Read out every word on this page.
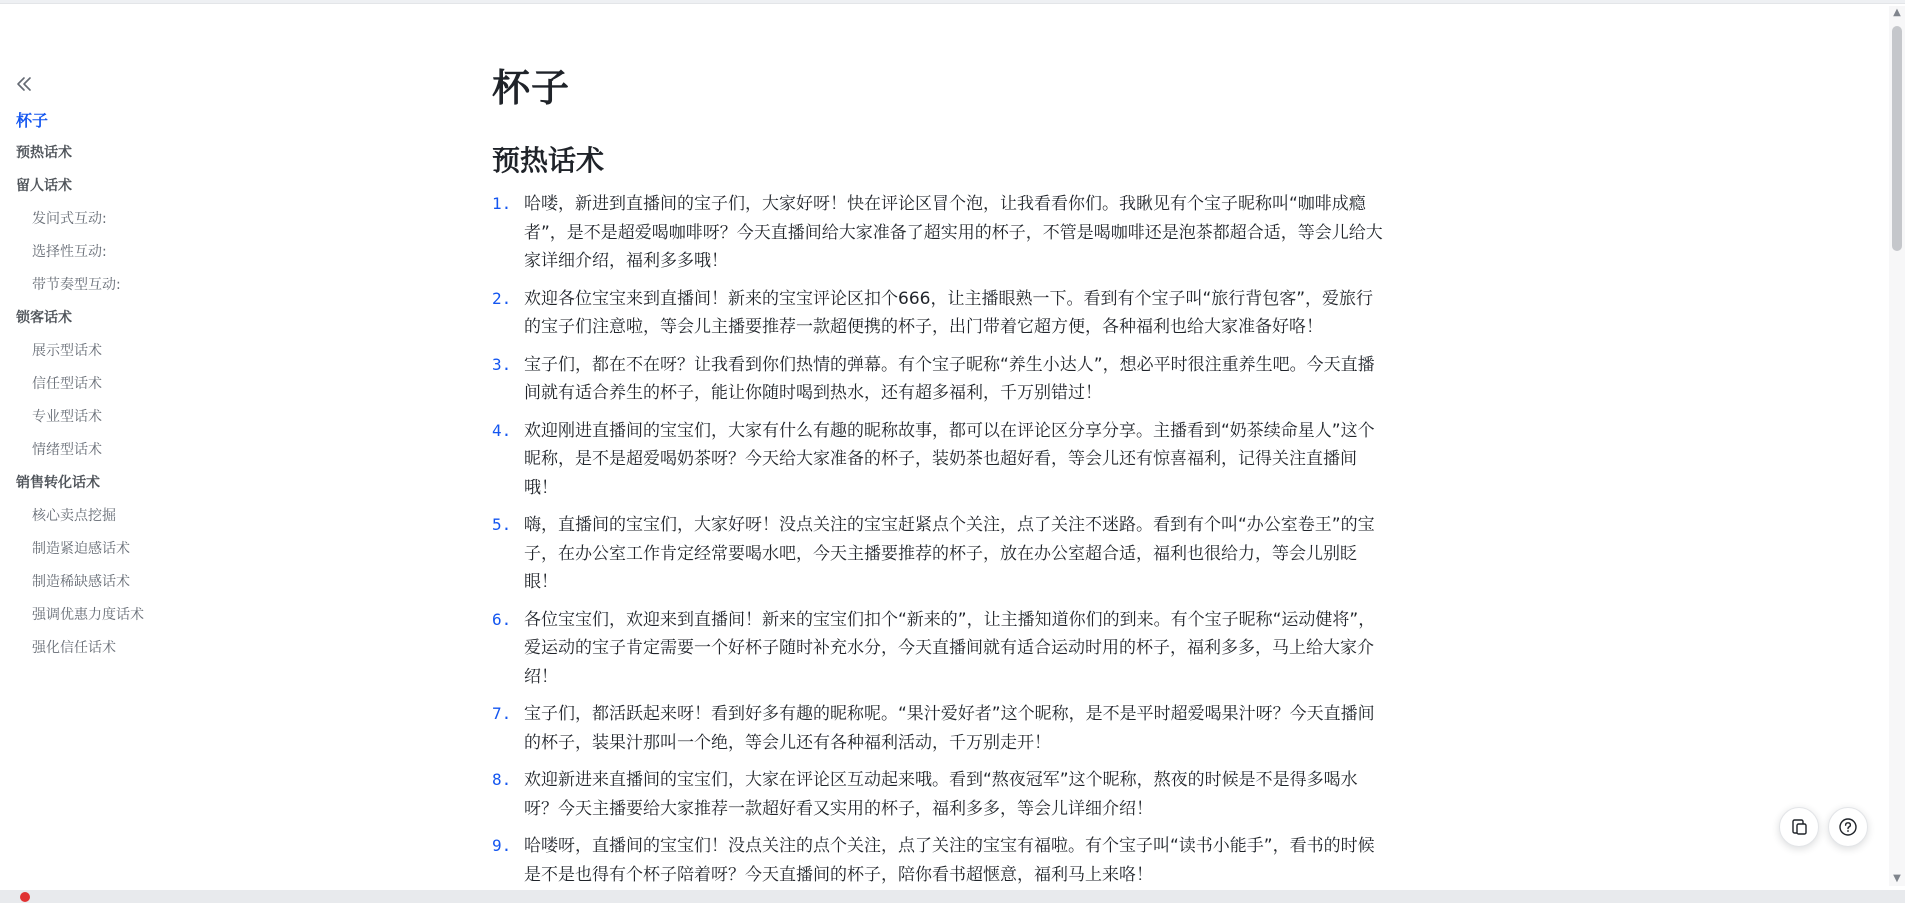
杯子
预热话术
留人话术
发问式互动:
选择性互动:
带节奏型互动:
锁客话术
展示型话术
信任型话术
专业型话术
情绪型话术
销售转化话术
核心卖点挖掘
制造紧迫感话术
制造稀缺感话术
强调优惠力度话术
强化信任话术
杯子
预热话术
1. 哈喽，新进到直播间的宝子们，大家好呀！快在评论区冒个泡，让我看看你们。我瞅见有个宝子昵称叫“咖啡成瘾者”，是不是超爱喝咖啡呀？今天直播间给大家准备了超实用的杯子，不管是喝咖啡还是泡茶都超合适，等会儿给大家详细介绍，福利多多哦！
2. 欢迎各位宝宝来到直播间！新来的宝宝评论区扣个666，让主播眼熟一下。看到有个宝子叫“旅行背包客”，爱旅行的宝子们注意啦，等会儿主播要推荐一款超便携的杯子，出门带着它超方便，各种福利也给大家准备好咯！
3. 宝子们，都在不在呀？让我看到你们热情的弹幕。有个宝子昵称“养生小达人”，想必平时很注重养生吧。今天直播间就有适合养生的杯子，能让你随时喝到热水，还有超多福利，千万别错过！
4. 欢迎刚进直播间的宝宝们，大家有什么有趣的昵称故事，都可以在评论区分享分享。主播看到“奶茶续命星人”这个昵称，是不是超爱喝奶茶呀？今天给大家准备的杯子，装奶茶也超好看，等会儿还有惊喜福利，记得关注直播间哦！
5. 嗨，直播间的宝宝们，大家好呀！没点关注的宝宝赶紧点个关注，点了关注不迷路。看到有个叫“办公室卷王”的宝子，在办公室工作肯定经常要喝水吧，今天主播要推荐的杯子，放在办公室超合适，福利也很给力，等会儿别眨眼！
6. 各位宝宝们，欢迎来到直播间！新来的宝宝们扣个“新来的”，让主播知道你们的到来。有个宝子昵称“运动健将”，爱运动的宝子肯定需要一个好杯子随时补充水分，今天直播间就有适合运动时用的杯子，福利多多，马上给大家介绍！
7. 宝子们，都活跃起来呀！看到好多有趣的昵称呢。“果汁爱好者”这个昵称，是不是平时超爱喝果汁呀？今天直播间的杯子，装果汁那叫一个绝，等会儿还有各种福利活动，千万别走开！
8. 欢迎新进来直播间的宝宝们，大家在评论区互动起来哦。看到“熬夜冠军”这个昵称，熬夜的时候是不是得多喝水呀？今天主播要给大家推荐一款超好看又实用的杯子，福利多多，等会儿详细介绍！
9. 哈喽呀，直播间的宝宝们！没点关注的点个关注，点了关注的宝宝有福啦。有个宝子叫“读书小能手”，看书的时候是不是也得有个杯子陪着呀？今天直播间的杯子，陪你看书超惬意，福利马上来咯！
▲
▼
